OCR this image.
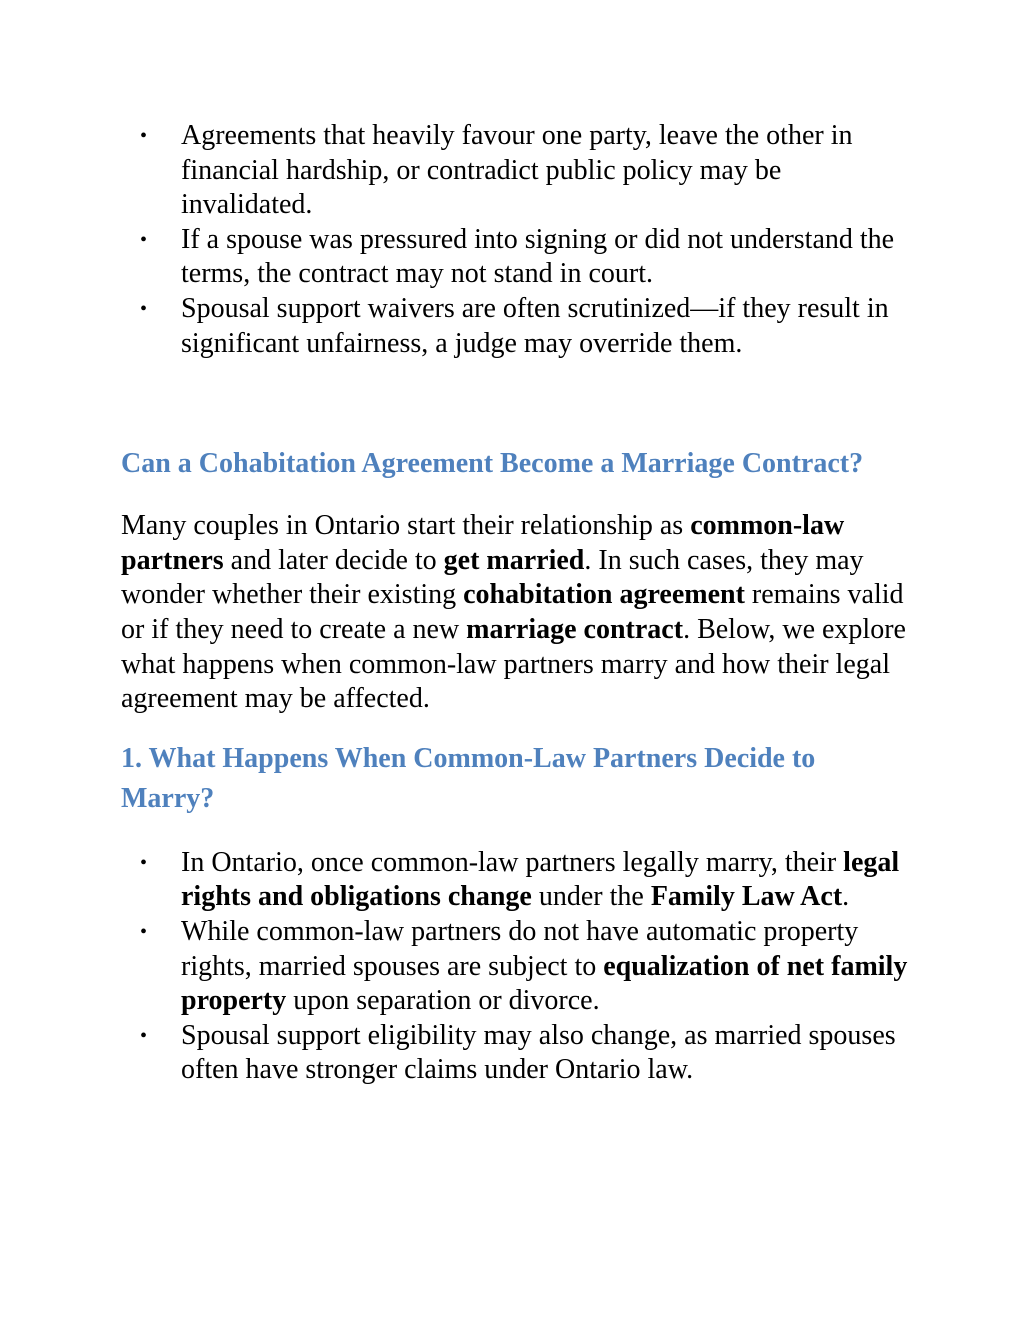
• Agreements that heavily favour one party, leave the other in financial hardship, or contradict public policy may be invalidated.
• If a spouse was pressured into signing or did not understand the terms, the contract may not stand in court.
• Spousal support waivers are often scrutinized—if they result in significant unfairness, a judge may override them.
Can a Cohabitation Agreement Become a Marriage Contract?

Many couples in Ontario start their relationship as common-law partners and later decide to get married. In such cases, they may wonder whether their existing cohabitation agreement remains valid or if they need to create a new marriage contract. Below, we explore what happens when common-law partners marry and how their legal agreement may be affected.

1. What Happens When Common-Law Partners Decide to Marry?
• In Ontario, once common-law partners legally marry, their legal rights and obligations change under the Family Law Act.
• While common-law partners do not have automatic property rights, married spouses are subject to equalization of net family property upon separation or divorce.
• Spousal support eligibility may also change, as married spouses often have stronger claims under Ontario law.
